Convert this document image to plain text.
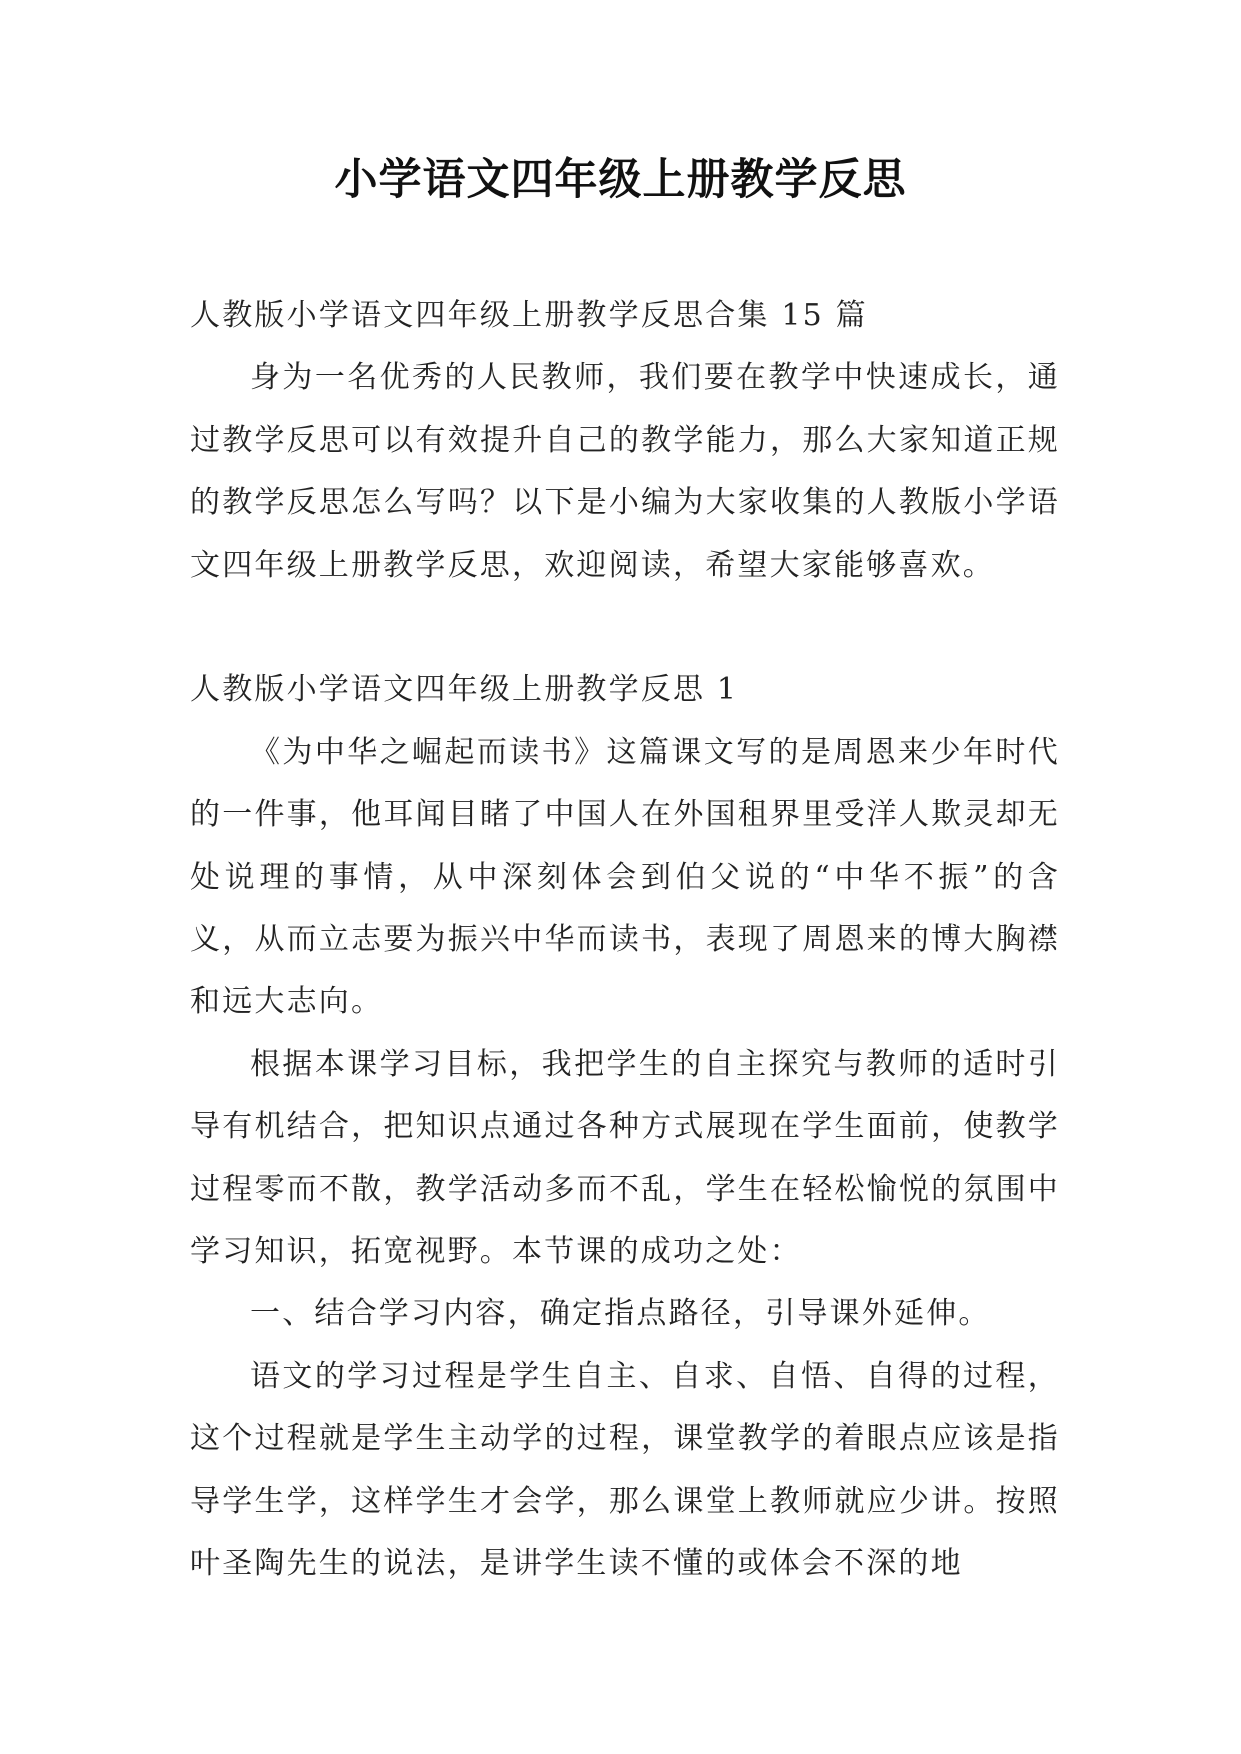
小学语文四年级上册教学反思

人教版小学语文四年级上册教学反思合集 15 篇

身为一名优秀的人民教师，我们要在教学中快速成长，通过教学反思可以有效提升自己的教学能力，那么大家知道正规的教学反思怎么写吗？以下是小编为大家收集的人教版小学语文四年级上册教学反思，欢迎阅读，希望大家能够喜欢。

人教版小学语文四年级上册教学反思 1

《为中华之崛起而读书》这篇课文写的是周恩来少年时代的一件事，他耳闻目睹了中国人在外国租界里受洋人欺灵却无处说理的事情，从中深刻体会到伯父说的“中华不振”的含义，从而立志要为振兴中华而读书，表现了周恩来的博大胸襟和远大志向。

根据本课学习目标，我把学生的自主探究与教师的适时引导有机结合，把知识点通过各种方式展现在学生面前，使教学过程零而不散，教学活动多而不乱，学生在轻松愉悦的氛围中学习知识，拓宽视野。本节课的成功之处：

一、结合学习内容，确定指点路径，引导课外延伸。

语文的学习过程是学生自主、自求、自悟、自得的过程，这个过程就是学生主动学的过程，课堂教学的着眼点应该是指导学生学，这样学生才会学，那么课堂上教师就应少讲。按照叶圣陶先生的说法，是讲学生读不懂的或体会不深的地
